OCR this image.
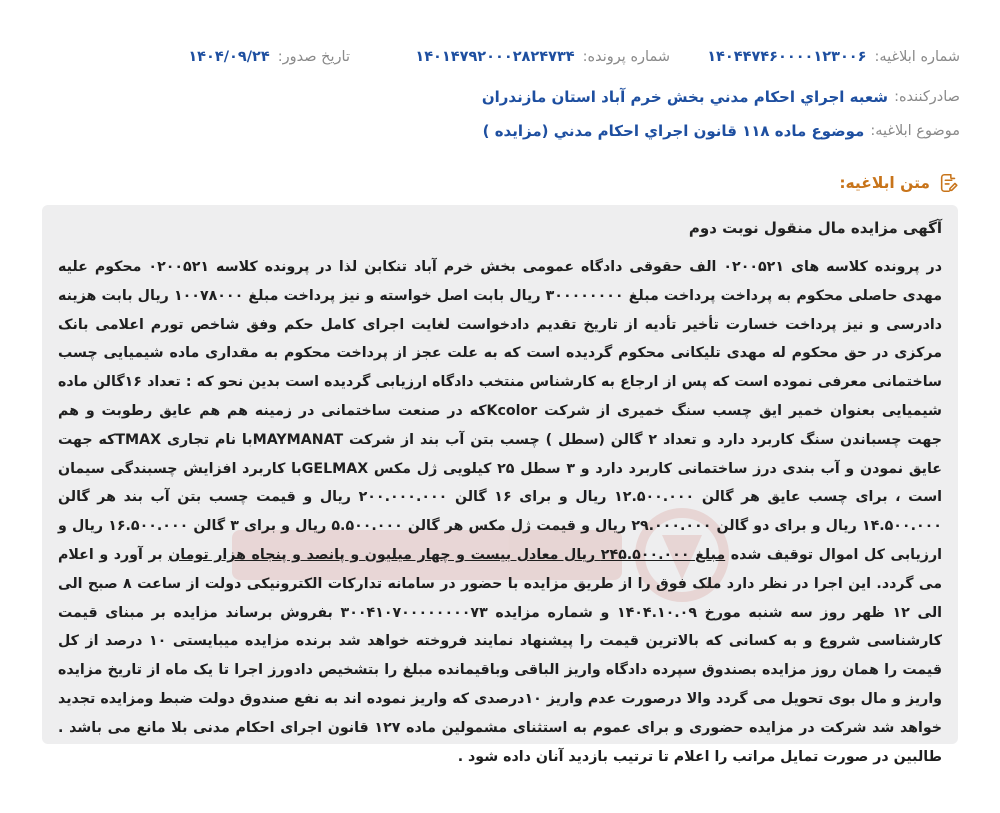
شماره ابلاغیه:
۱۴۰۴۴۷۴۶۰۰۰۰۱۲۳۰۰۶
شماره پرونده:
۱۴۰۱۴۷۹۲۰۰۰۲۸۲۴۷۳۴
تاریخ صدور:
۱۴۰۴/۰۹/۲۴
صادرکننده:
شعبه اجراي احکام مدني بخش خرم آباد استان مازندران
موضوع ابلاغیه:
موضوع ماده ۱۱۸ قانون اجراي احکام مدني (مزايده )
متن ابلاغیه:

آگهی مزایده مال منقول نوبت دوم

در پرونده کلاسه های ۰۲۰۰۵۲۱ الف حقوقی دادگاه عمومی بخش خرم آباد تنکابن لذا در پرونده کلاسه ۰۲۰۰۵۲۱ محکوم علیه مهدی حاصلی محکوم به پرداخت پرداخت مبلغ ۳۰۰۰۰۰۰۰۰ ریال بابت اصل خواسته و نیز پرداخت مبلغ ۱۰۰۷۸۰۰۰ ریال بابت هزینه دادرسی و نیز پرداخت خسارت تأخیر تأدیه از تاریخ تقدیم دادخواست لغایت اجرای کامل حکم وفق شاخص تورم اعلامی بانک مرکزی در حق محکوم له مهدی تلیکانی محکوم گردیده است که به علت عجز از پرداخت محکوم به مقداری ماده شیمیایی چسب ساختمانی معرفی نموده است که پس از ارجاع به کارشناس منتخب دادگاه ارزیابی گردیده است بدین نحو که : تعداد ۱۶گالن ماده شیمیایی بعنوان خمیر ایق چسب سنگ خمیری از شرکت Kcolorکه در صنعت ساختمانی در زمینه هم هم عایق رطوبت و هم جهت چسباندن سنگ کاربرد دارد و تعداد ۲ گالن (سطل ) چسب بتن آب بند از شرکت MAYMANATبا نام تجاری TMAXکه جهت عایق نمودن و آب بندی درز ساختمانی کاربرد دارد و ۳ سطل ۲۵ کیلویی ژل مکس GELMAXبا کاربرد افزایش چسبندگی سیمان است ، برای چسب عایق هر گالن ۱۲.۵۰۰.۰۰۰ ریال و برای ۱۶ گالن ۲۰۰.۰۰۰.۰۰۰ ریال و قیمت چسب بتن آب بند هر گالن ۱۴.۵۰۰.۰۰۰ ریال و برای دو گالن ۲۹.۰۰۰.۰۰۰ ریال و قیمت ژل مکس هر گالن ۵.۵۰۰.۰۰۰ ریال و برای ۳ گالن ۱۶.۵۰۰.۰۰۰ ریال و ارزیابی کل اموال توقیف شده مبلغ ۲۴۵.۵۰۰.۰۰۰ ریال معادل بیست و چهار میلیون و پانصد و پنجاه هزار تومان بر آورد و اعلام می گردد. این اجرا در نظر دارد ملک فوق را از طریق مزایده با حضور در سامانه تدارکات الکترونیکی دولت از ساعت ۸ صبح الی الی ۱۲ ظهر روز سه شنبه مورخ ۱۴۰۴.۱۰.۰۹ و شماره مزایده ۳۰۰۴۱۰۷۰۰۰۰۰۰۰۰۷۳ بفروش برساند مزایده بر مبنای قیمت کارشناسی شروع و به کسانی که بالاترین قیمت را پیشنهاد نمایند فروخته خواهد شد برنده مزایده میبایستی ۱۰ درصد از کل قیمت را همان روز مزایده بصندوق سپرده دادگاه واریز الباقی وباقیمانده مبلغ را بتشخیص دادورز اجرا تا یک ماه از تاریخ مزایده واریز و مال بوی تحویل می گردد والا درصورت عدم واریز ۱۰درصدی که واریز نموده اند به نفع صندوق دولت ضبط ومزایده تجدید خواهد شد شرکت در مزایده حضوری و برای عموم به استثنای مشمولین ماده ۱۲۷ قانون اجرای احکام مدنی بلا مانع می باشد . طالبین در صورت تمایل مراتب را اعلام تا ترتیب بازدید آنان داده شود .
